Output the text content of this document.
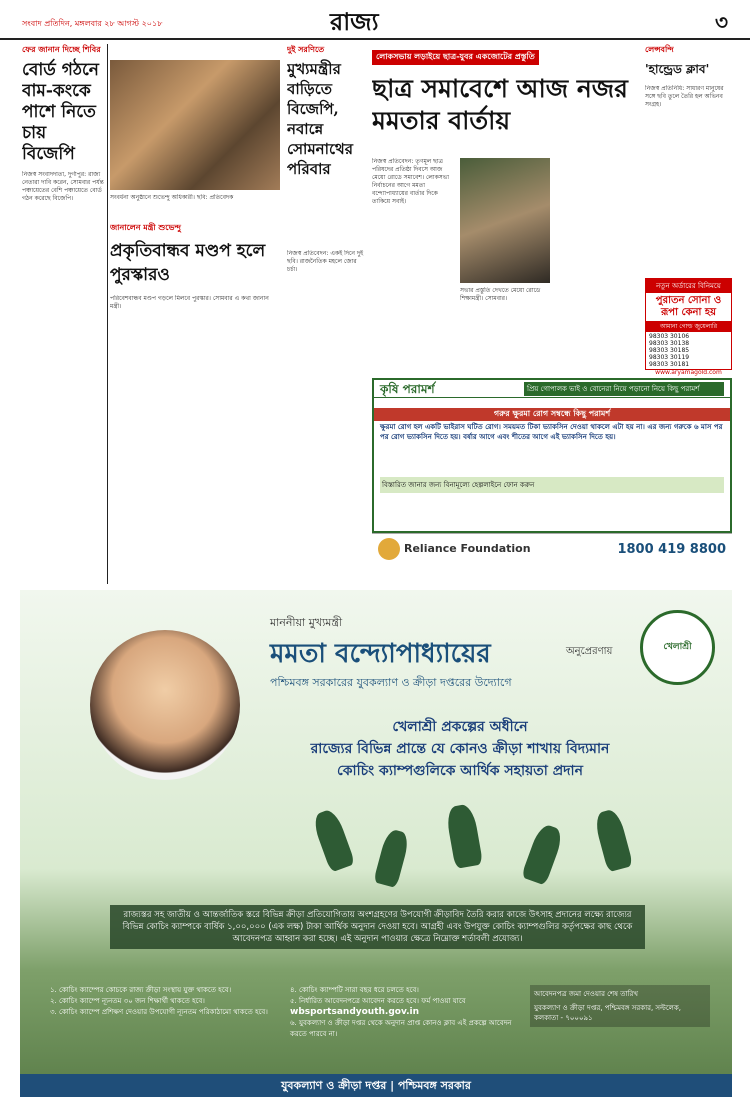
সংবাদ প্রতিদিন, মঙ্গলবার ২৮ আগস্ট ২০১৮	রাজ্য	৩
ফের জানান দিচ্ছে শিবির
বোর্ড গঠনে বাম-কংকে পাশে নিতে চায় বিজেপি
নিজস্ব সংবাদদাতা, দুর্গাপুর: রাজ্য নেতারা দাবি করেন, সোমবার পর্যন্ত পঞ্চায়েতের বেশি পঞ্চায়েতে বোর্ড গঠন করেছে বিজেপি।	সংবর্ধনা অনুষ্ঠানে শুভেন্দু অধিকারী। ছবি: প্রতিবেদক
দুই সরণিতে
মুখ্যমন্ত্রীর বাড়িতে বিজেপি, নবান্নে সোমনাথের পরিবার
নিজস্ব প্রতিবেদন: একই দিনে দুই ছবি। রাজনৈতিক মহলে জোর চর্চা।
জানালেন মন্ত্রী শুভেন্দু
প্রকৃতিবান্ধব মণ্ডপ হলে পুরস্কারও
পরিবেশবান্ধব মণ্ডপ গড়লে মিলবে পুরস্কার। সোমবার এ কথা জানান মন্ত্রী।
লোকসভায় লড়াইয়ে ছাত্র-যুবর একজোটের প্রস্তুতি
ছাত্র সমাবেশে আজ নজর মমতার বার্তায়
সভার প্রস্তুতি দেখতে মেয়ো রোডে শিক্ষামন্ত্রী। সোমবার।
নিজস্ব প্রতিবেদন: তৃণমূল ছাত্র পরিষদের প্রতিষ্ঠা দিবসে আজ মেয়ো রোডে সমাবেশ। লোকসভা নির্বাচনের আগে মমতা বন্দ্যোপাধ্যায়ের বার্তার দিকে তাকিয়ে সবাই।
লেন্সবন্দি
'হান্ড্রেড ক্লাব'
নিজস্ব প্রতিনিধি: সাধারণ মানুষের সঙ্গে ছবি তুলে তৈরি হল অভিনব সংগ্রহ।
নতুন অর্ডারের বিনিময়ে
পুরাতন সোনা ও রূপা কেনা হয়
আমানা গোল্ড জুয়েলারি
98303 30106
98303 30138
98303 30185
98303 30119
98303 30181
www.aryamagold.com
কৃষি পরামর্শ	প্রিয় গোপালক ভাই ও বোনেরা নিয়ে পড়ানো নিয়ে কিছু পরামর্শ
গরুর ক্ষুরমা রোগ সম্বন্ধে কিছু পরামর্শ
ক্ষুরমা রোগ হল একটি ভাইরাস ঘটিত রোগ। সময়মত টিকা ভ্যাকসিন দেওয়া থাকলে এটা হয় না। এর জন্য গরুকে ৬ মাস পর পর রোগ ভ্যাকসিন দিতে হয়। বর্ষার আগে এবং শীতের আগে এই ভ্যাকসিন দিতে হয়।
বিস্তারিত জানার জন্য বিনামূল্যে হেল্পলাইনে ফোন করুন
Reliance Foundation	1800 419 8800
মাননীয়া মুখ্যমন্ত্রী
মমতা বন্দ্যোপাধ্যায়ের	অনুপ্রেরণায়
পশ্চিমবঙ্গ সরকারের যুবকল্যাণ ও ক্রীড়া দপ্তরের উদ্যোগে
খেলাশ্রী
খেলাশ্রী প্রকল্পের অধীনে
রাজ্যের বিভিন্ন প্রান্তে যে কোনও ক্রীড়া শাখায় বিদ্যমান
কোচিং ক্যাম্পগুলিকে আর্থিক সহায়তা প্রদান
রাজ্যস্তর সহ জাতীয় ও আন্তর্জাতিক স্তরে বিভিন্ন ক্রীড়া প্রতিযোগিতায় অংশগ্রহণের উপযোগী ক্রীড়াবিদ তৈরি করার কাজে উৎসাহ প্রদানের লক্ষ্যে রাজ্যের বিভিন্ন কোচিং ক্যাম্পকে বার্ষিক ১,০০,০০০ (এক লক্ষ) টাকা আর্থিক অনুদান দেওয়া হবে। আগ্রহী এবং উপযুক্ত কোচিং ক্যাম্পগুলির কর্তৃপক্ষের কাছ থেকে আবেদনপত্র আহ্বান করা হচ্ছে। এই অনুদান পাওয়ার ক্ষেত্রে নিম্নোক্ত শর্তাবলী প্রযোজ্য।
১. কোচিং ক্যাম্পের কোচকে রাজ্য ক্রীড়া সংস্থায় যুক্ত থাকতে হবে।
২. কোচিং ক্যাম্পে ন্যূনতম ৩০ জন শিক্ষার্থী থাকতে হবে।
৩. কোচিং ক্যাম্পে প্রশিক্ষণ দেওয়ার উপযোগী ন্যূনতম পরিকাঠামো থাকতে হবে।
৪. কোচিং ক্যাম্পটি সারা বছর ধরে চলতে হবে।
৫. নির্ধারিত আবেদনপত্রে আবেদন করতে হবে। ফর্ম পাওয়া যাবে
wbsportsandyouth.gov.in
৬. যুবকল্যাণ ও ক্রীড়া দপ্তর থেকে অনুদান প্রাপ্ত কোনও ক্লাব এই প্রকল্পে আবেদন করতে পারবে না।
আবেদনপত্র জমা দেওয়ার শেষ তারিখ
যুবকল্যাণ ও ক্রীড়া দপ্তর, পশ্চিমবঙ্গ সরকার, সল্টলেক, কলকাতা - ৭০০০৯১
যুবকল্যাণ ও ক্রীড়া দপ্তর | পশ্চিমবঙ্গ সরকার
